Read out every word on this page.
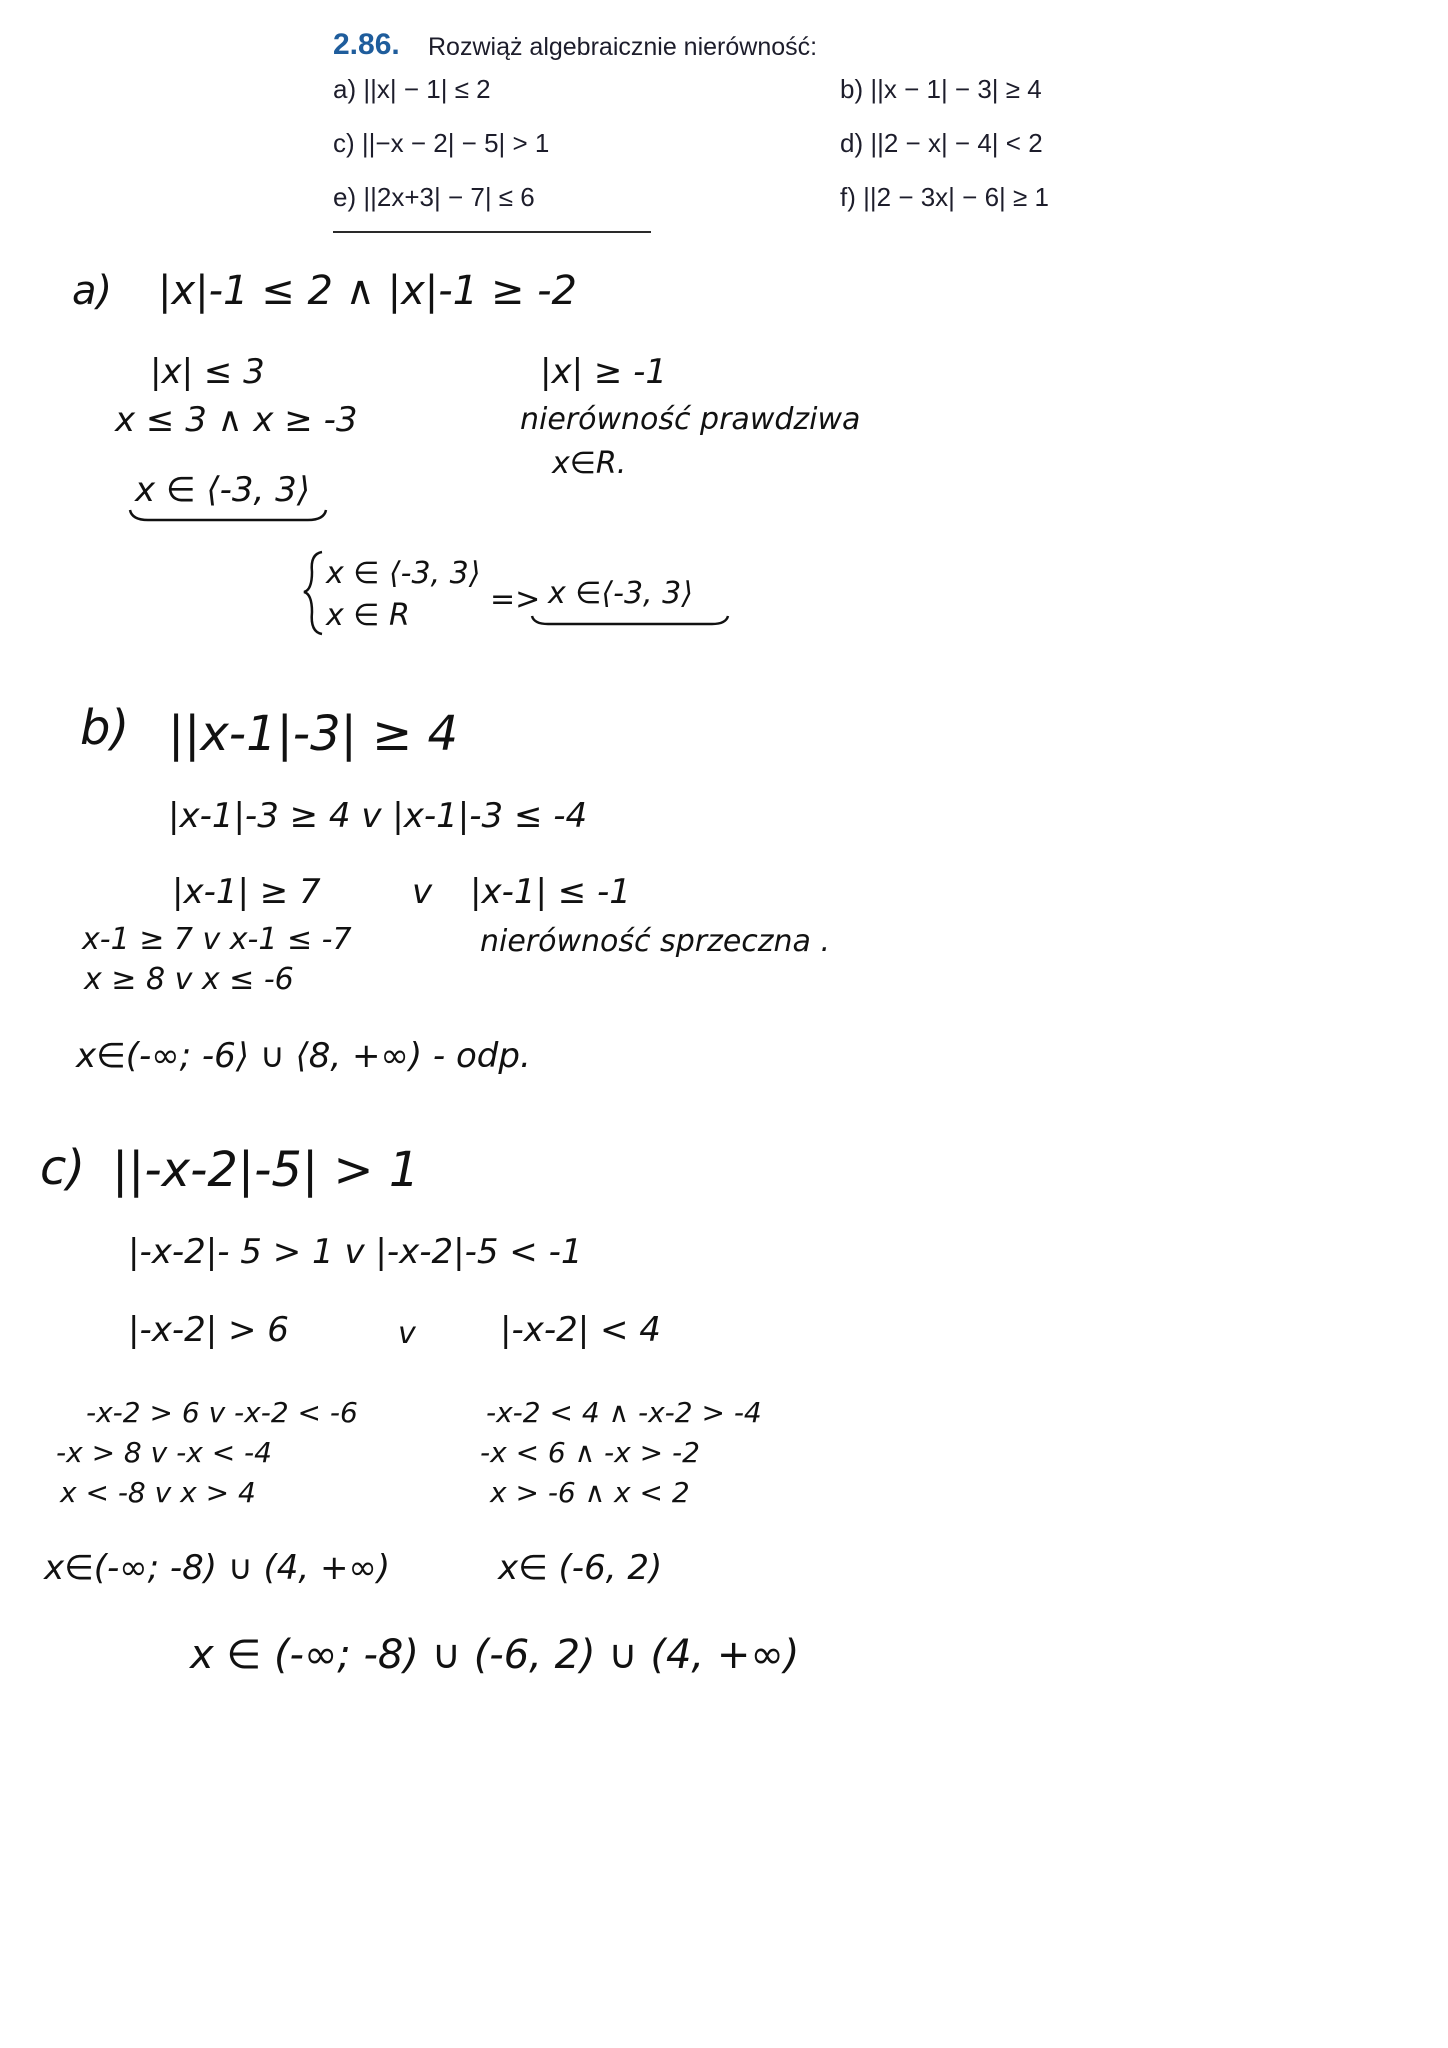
2.86. Rozwiąż algebraicznie nierówność:
a) ||x| − 1| ≤ 2	b) ||x − 1| − 3| ≥ 4
c) ||−x − 2| − 5| > 1	d) ||2 − x| − 4| < 2
e) ||2x+3| − 7| ≤ 6	f) ||2 − 3x| − 6| ≥ 1
a) |x|-1 ≤ 2 ∧ |x|-1 ≥ -2
|x| ≤ 3
x ≤ 3 ∧ x ≥ -3
x ∈ ⟨-3, 3⟩
|x| ≥ -1
nierówność prawdziwa
x∈R.
x ∈ ⟨-3, 3⟩
x ∈ R	=> x ∈⟨-3, 3⟩
b) ||x-1|-3| ≥ 4
|x-1|-3 ≥ 4 v |x-1|-3 ≤ -4
|x-1| ≥ 7	v |x-1| ≤ -1
x-1 ≥ 7 v x-1 ≤ -7	nierówność sprzeczna .
x ≥ 8 v x ≤ -6
x∈(-∞; -6⟩ ∪ ⟨8, +∞) - odp.
c) ||-x-2|-5| > 1
|-x-2|- 5 > 1 v |-x-2|-5 < -1
|-x-2| > 6	v |-x-2| < 4
-x-2 > 6 v -x-2 < -6
-x > 8 v -x < -4
x < -8 v x > 4
-x-2 < 4 ∧ -x-2 > -4
-x < 6 ∧ -x > -2
x > -6 ∧ x < 2
x∈(-∞; -8) ∪ (4, +∞)	x∈ (-6, 2)
x ∈ (-∞; -8) ∪ (-6, 2) ∪ (4, +∞)
